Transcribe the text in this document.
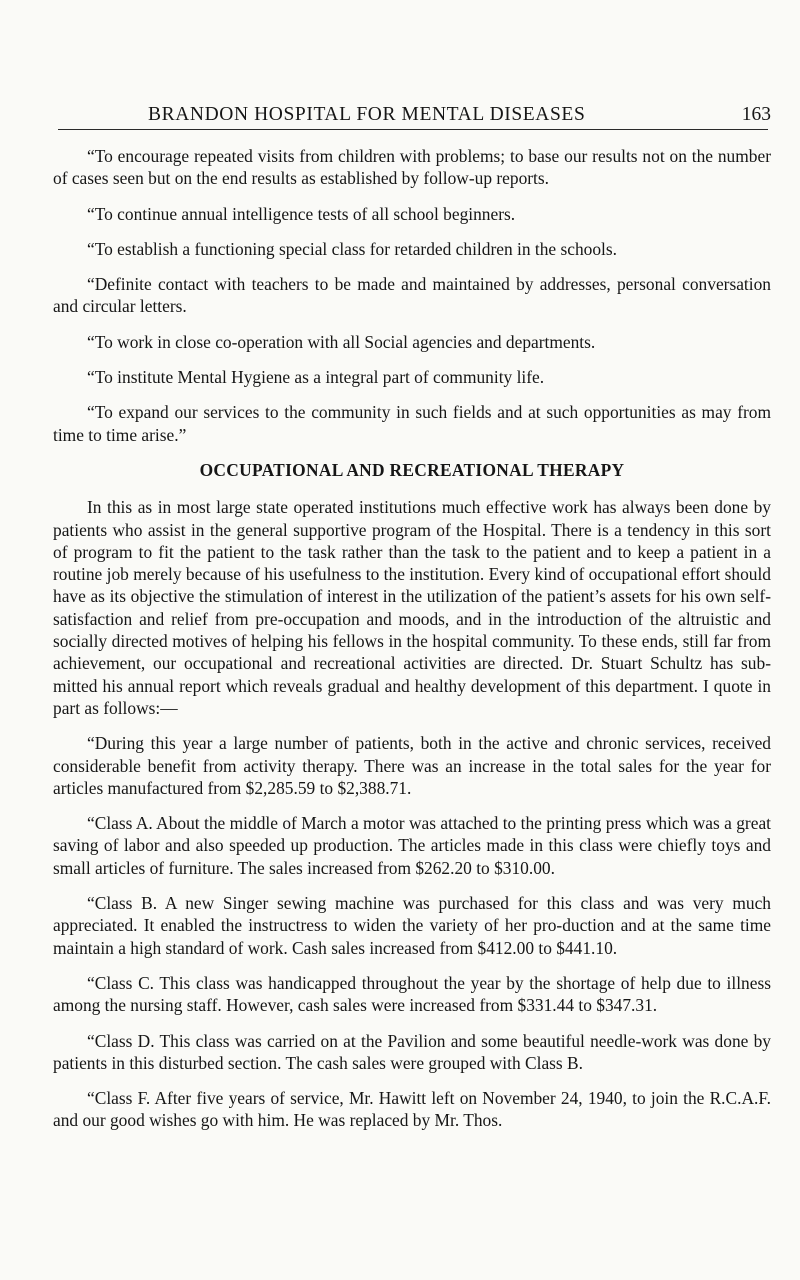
BRANDON HOSPITAL FOR MENTAL DISEASES	163

“To encourage repeated visits from children with problems; to base our results not on the number of cases seen but on the end results as established by follow-up reports.

“To continue annual intelligence tests of all school beginners.

“To establish a functioning special class for retarded children in the schools.

“Definite contact with teachers to be made and maintained by addresses, personal conversation and circular letters.

“To work in close co-operation with all Social agencies and departments.

“To institute Mental Hygiene as a integral part of community life.

“To expand our services to the community in such fields and at such opportunities as may from time to time arise.”

OCCUPATIONAL AND RECREATIONAL THERAPY

In this as in most large state operated institutions much effective work has always been done by patients who assist in the general supportive program of the Hospital. There is a tendency in this sort of program to fit the patient to the task rather than the task to the patient and to keep a patient in a routine job merely because of his usefulness to the institution. Every kind of occupational effort should have as its objective the stimulation of interest in the utilization of the patient’s assets for his own self-satisfaction and relief from pre-occupation and moods, and in the introduction of the altruistic and socially directed motives of helping his fellows in the hospital community. To these ends, still far from achievement, our occupational and recreational activities are directed. Dr. Stuart Schultz has sub-mitted his annual report which reveals gradual and healthy development of this department. I quote in part as follows:—

“During this year a large number of patients, both in the active and chronic services, received considerable benefit from activity therapy. There was an increase in the total sales for the year for articles manufactured from $2,285.59 to $2,388.71.

“Class A. About the middle of March a motor was attached to the printing press which was a great saving of labor and also speeded up production. The articles made in this class were chiefly toys and small articles of furniture. The sales increased from $262.20 to $310.00.

“Class B. A new Singer sewing machine was purchased for this class and was very much appreciated. It enabled the instructress to widen the variety of her pro-duction and at the same time maintain a high standard of work. Cash sales increased from $412.00 to $441.10.

“Class C. This class was handicapped throughout the year by the shortage of help due to illness among the nursing staff. However, cash sales were increased from $331.44 to $347.31.

“Class D. This class was carried on at the Pavilion and some beautiful needle-work was done by patients in this disturbed section. The cash sales were grouped with Class B.

“Class F. After five years of service, Mr. Hawitt left on November 24, 1940, to join the R.C.A.F. and our good wishes go with him. He was replaced by Mr. Thos.
